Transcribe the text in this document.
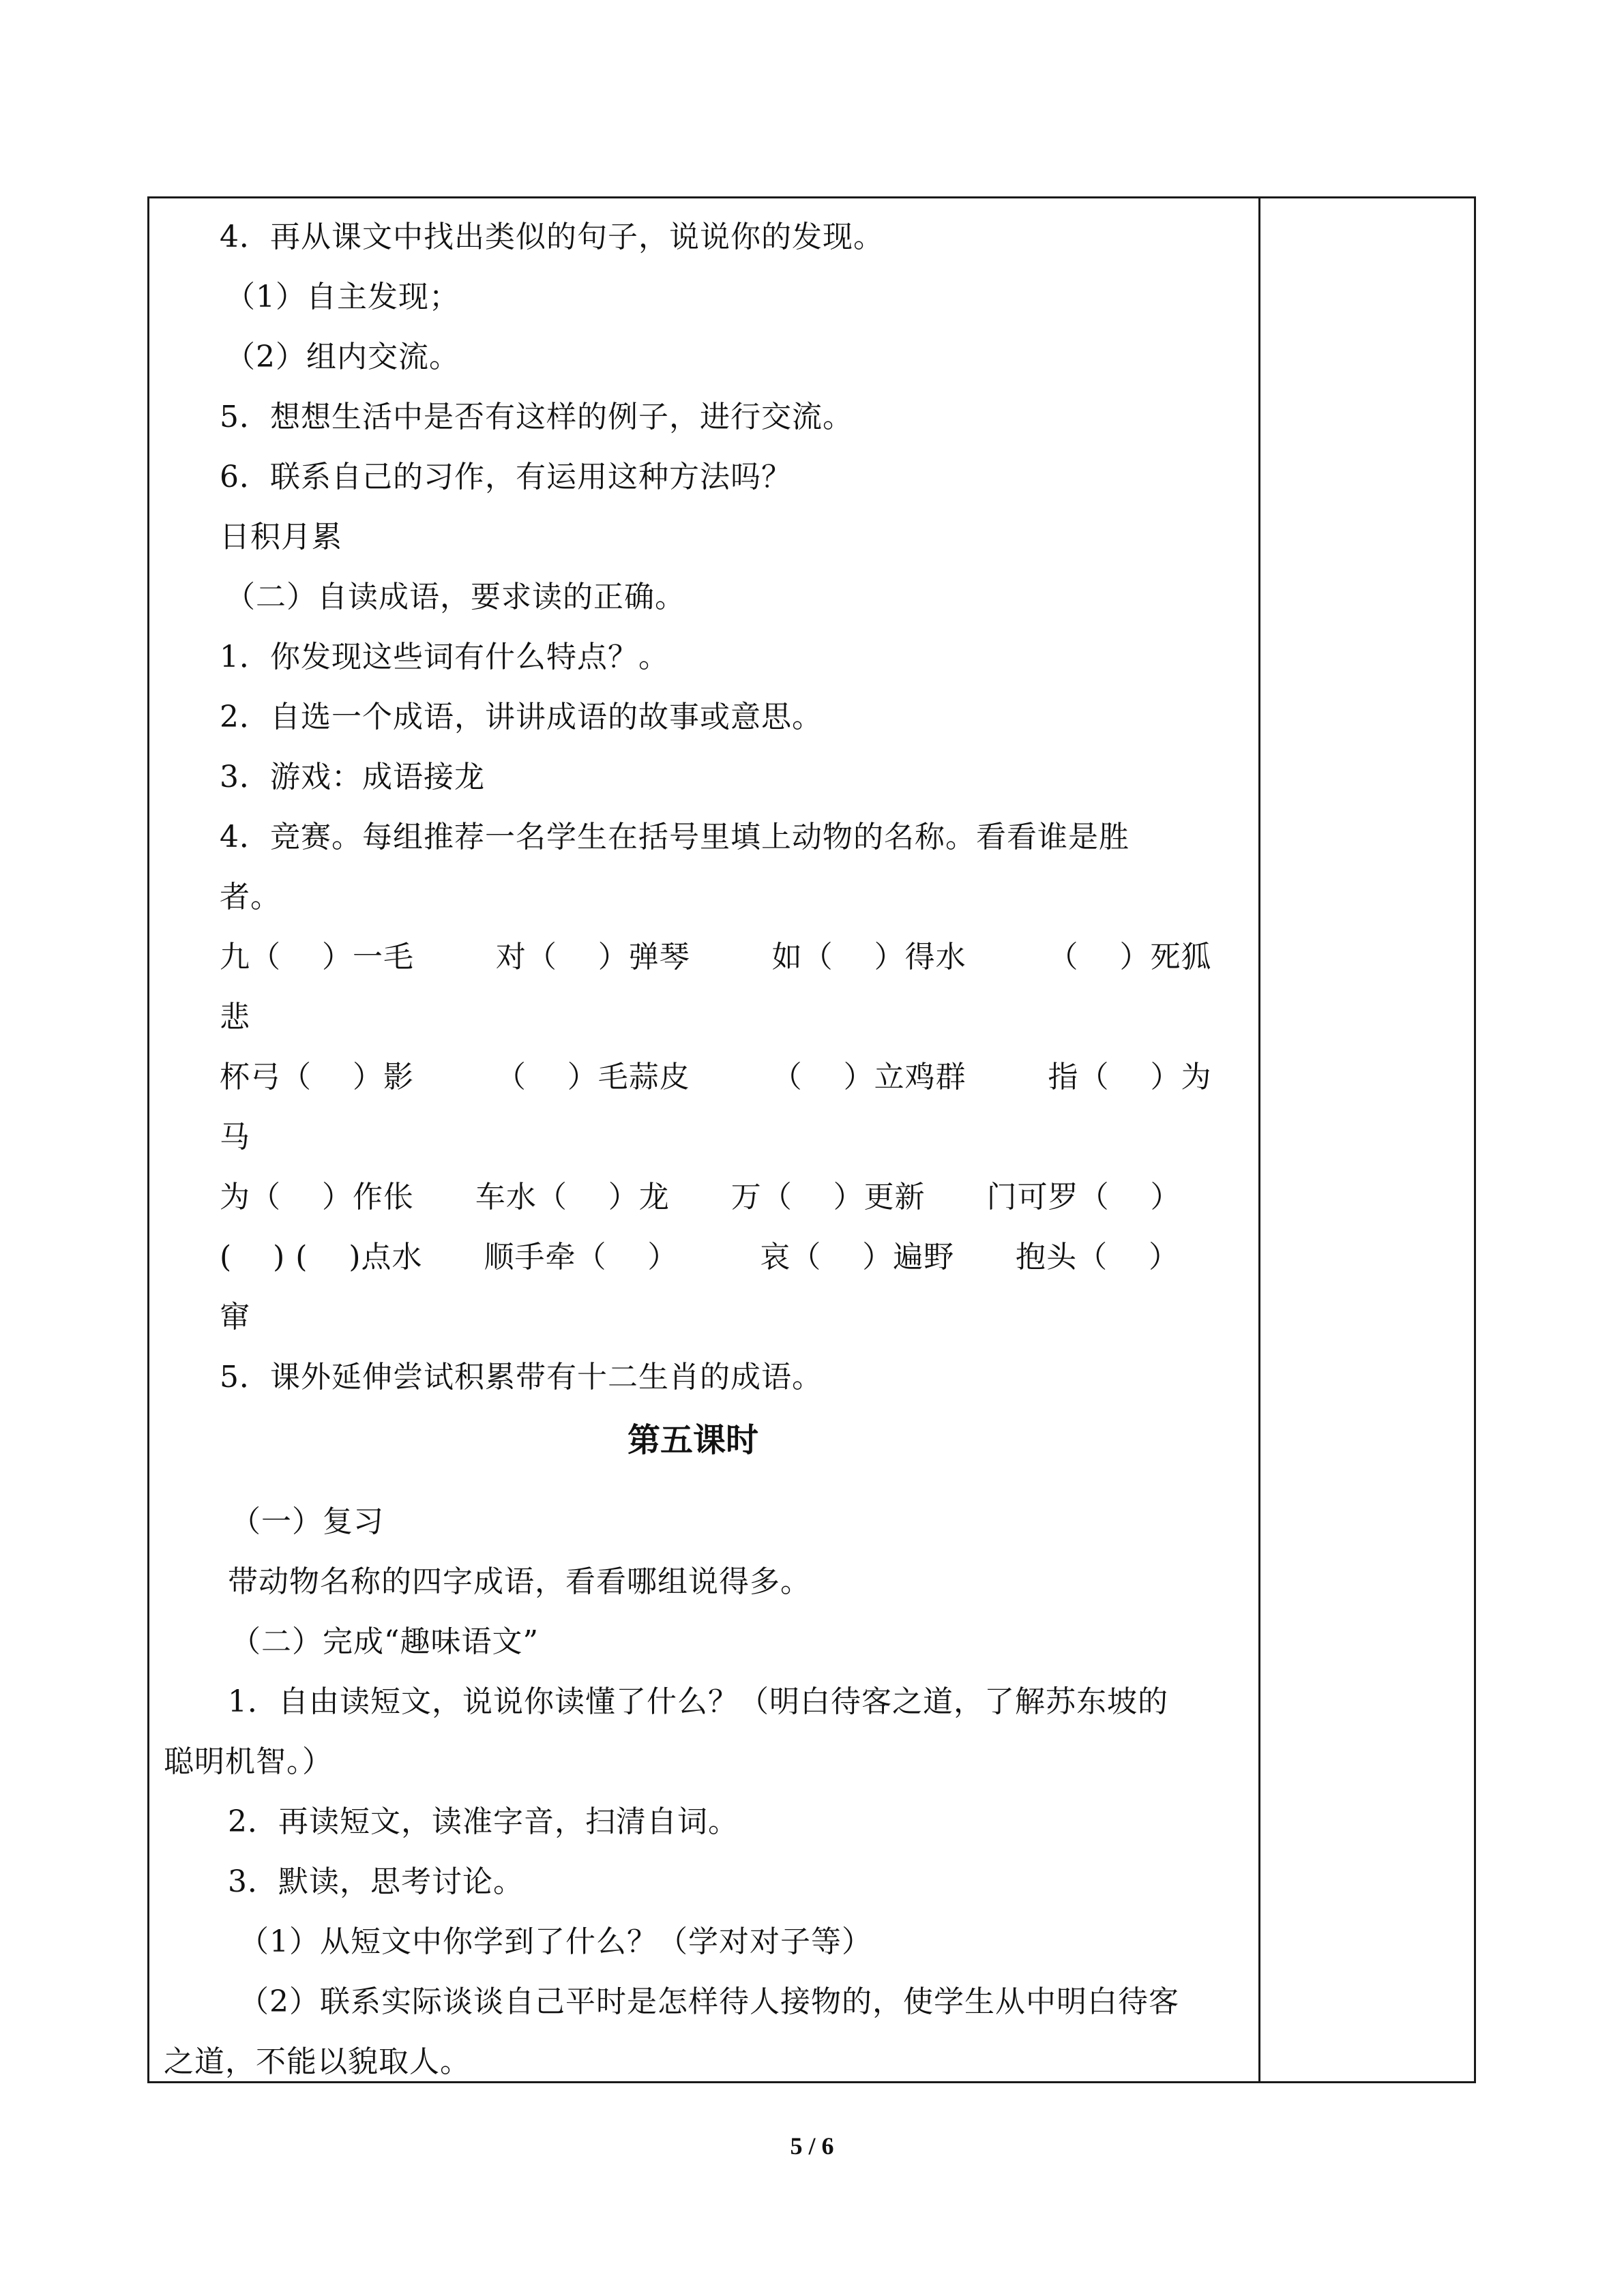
4．再从课文中找出类似的句子，说说你的发现。
（1）自主发现；
（2）组内交流。
5．想想生活中是否有这样的例子，进行交流。
6．联系自己的习作，有运用这种方法吗？
日积月累
（二）自读成语，要求读的正确。
1．你发现这些词有什么特点？。
2．自选一个成语，讲讲成语的故事或意思。
3．游戏：成语接龙
4．竞赛。每组推荐一名学生在括号里填上动物的名称。看看谁是胜
者。
九（    ）一毛        对（    ）弹琴        如（    ）得水        （    ）死狐
悲
杯弓（    ）影        （    ）毛蒜皮        （    ）立鸡群        指（    ）为
马
为（    ）作伥      车水（    ）龙      万（    ）更新      门可罗（    ）
(    ) (    )点水      顺手牵（    ）        哀（    ）遍野      抱头（    ）
窜
5．课外延伸尝试积累带有十二生肖的成语。
第五课时
（一）复习
带动物名称的四字成语，看看哪组说得多。
（二）完成“趣味语文”
1．自由读短文，说说你读懂了什么？（明白待客之道，了解苏东坡的
聪明机智。）
2．再读短文，读准字音，扫清自词。
3．默读，思考讨论。
（1）从短文中你学到了什么？（学对对子等）
（2）联系实际谈谈自己平时是怎样待人接物的，使学生从中明白待客
之道，不能以貌取人。
5 / 6
